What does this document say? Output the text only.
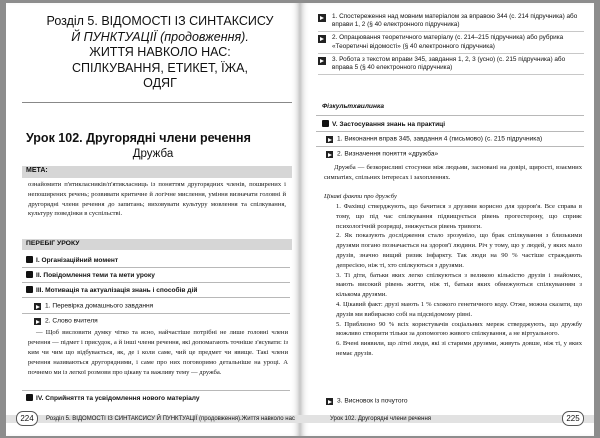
Розділ 5. ВІДОМОСТІ ІЗ СИНТАКСИСУ
Й ПУНКТУАЦІЇ (продовження).
ЖИТТЯ НАВКОЛО НАС:
СПІЛКУВАННЯ, ЕТИКЕТ, ЇЖА,
ОДЯГ
Урок 102. Другорядні члени речення
Дружба
МЕТА:
ознайомити п'ятикласників/п'ятикласниць із поняттям другорядних членів, поширених і непоширених речень; розвивати критичне й логічне мислення, уміння визначати головні й другорядні члени речення до запитань; виховувати культуру мовлення та спілкування, культуру поведінки в суспільстві.
ПЕРЕБІГ УРОКУ
I. Організаційний момент
II. Повідомлення теми та мети уроку
III. Мотивація та актуалізація знань і способів дій
1. Перевірка домашнього завдання
2. Слово вчителя
— Щоб висловити думку чітко та ясно, найчастіше потрібні не лише головні члени речення — підмет і присудок, а й інші члени речення, які допомагають точніше з'ясувати: із ким чи чим що відбувається, як, де і коли саме, чий це предмет чи явище. Такі члени речення називаються другорядними, і саме про них поговоримо детальніше на уроці. А почнемо ми із легкої розмови про цікаву та важливу тему — дружба.
IV. Сприйняття та усвідомлення нового матеріалу
224	Розділ 5. ВІДОМОСТІ ІЗ СИНТАКСИСУ Й ПУНКТУАЦІЇ (продовження).Життя навколо нас
1. Спостереження над мовним матеріалом за вправою 344 (с. 214 підручника) або вправи 1, 2 (§ 40 електронного підручника)
2. Опрацювання теоретичного матеріалу (с. 214–215 підручника) або рубрика «Теоретичні відомості» (§ 40 електронного підручника)
3. Робота з текстом вправи 345, завдання 1, 2, 3 (усно) (с. 215 підручника) або вправа 5 (§ 40 електронного підручника)
Фізкультхвилинка
V. Застосування знань на практиці
1. Виконання вправ 345, завдання 4 (письмово) (с. 215 підручника)
2. Визначення поняття «дружба»
Дружба — безкорисливі стосунки між людьми, засновані на довірі, щирості, взаємних симпатіях, спільних інтересах і захопленнях.
Цікаві факти про дружбу
1. Фахівці стверджують, що бачитися з друзями корисно для здоров'я. Все справа в тому, що під час спілкування підвищується рівень прогестерону, що сприяє психологічній розрядці, знижується рівень тривоги.
2. Як показують дослідження стало зрозуміло, що брак спілкування з близькими друзями погано позначається на здоров'ї людини. Річ у тому, що у людей, у яких мало друзів, значно вищий ризик інфаркту. Так люди на 90 % частіше страждають депресією, ніж ті, хто спілкуються з друзями.
3. Ті діти, батьки яких легко спілкуються з великою кількістю друзів і знайомих, мають високий рівень життя, ніж ті, батьки яких обмежуються спілкуванням з кількома друзями.
4. Цікавий факт: друзі мають 1 % схожого генетичного коду. Отже, можна сказати, що друзів ми вибираємо собі на підсвідомому рівні.
5. Приблизно 90 % всіх користувачів соціальних мереж стверджують, що дружбу можливо створити тільки за допомогою живого спілкування, а не віртуального.
6. Вчені виявили, що літні люди, які зі старими друзями, живуть довше, ніж ті, у яких немає друзів.
3. Висновок із почутого
Урок 102. Другорядні члени речення	225
